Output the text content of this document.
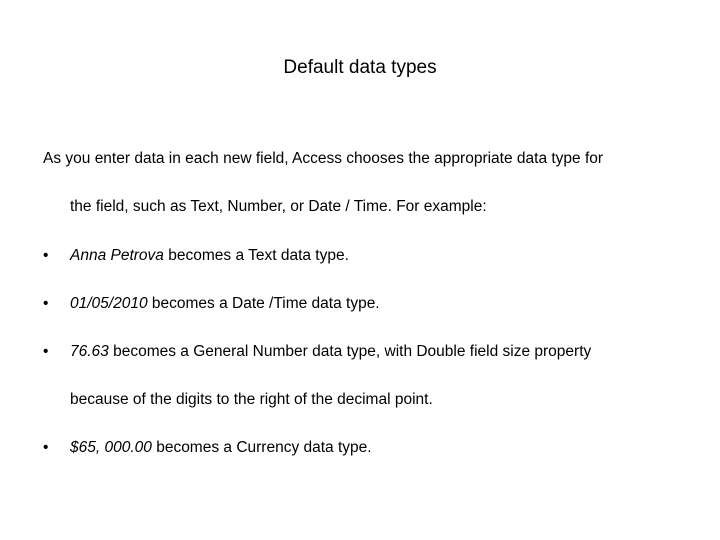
Default data types
As you enter data in each new field, Access chooses the appropriate data type for
the field, such as Text, Number, or Date / Time. For example:
• Anna Petrova becomes a Text data type.
• 01/05/2010 becomes a Date /Time data type.
• 76.63 becomes a General Number data type, with Double field size property
because of the digits to the right of the decimal point.
• $65, 000.00 becomes a Currency data type.
